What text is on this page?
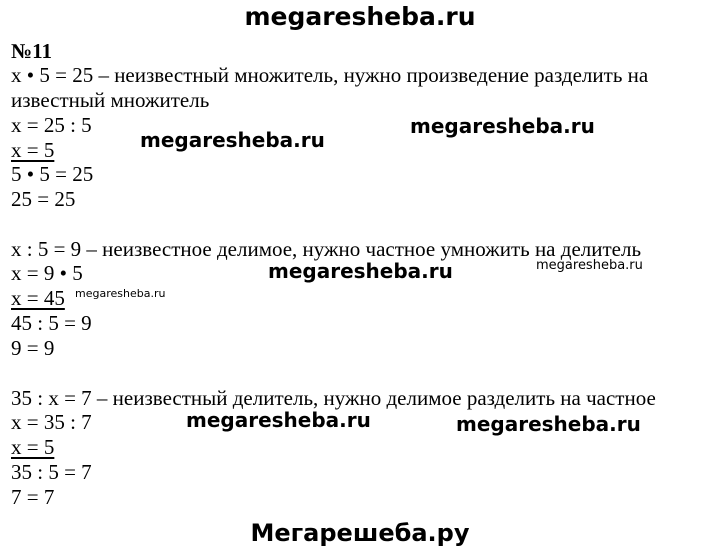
megaresheba.ru
№11
x • 5 = 25 – неизвестный множитель, нужно произведение разделить на
известный множитель
x = 25 : 5
x = 5
5 • 5 = 25
25 = 25
x : 5 = 9 – неизвестное делимое, нужно частное умножить на делитель
x = 9 • 5
x = 45
45 : 5 = 9
9 = 9
35 : x = 7 – неизвестный делитель, нужно делимое разделить на частное
x = 35 : 7
x = 5
35 : 5 = 7
7 = 7
megaresheba.ru
megaresheba.ru
megaresheba.ru	megaresheba.ru
megaresheba.ru
megaresheba.ru	megaresheba.ru
Мегарешеба.ру
